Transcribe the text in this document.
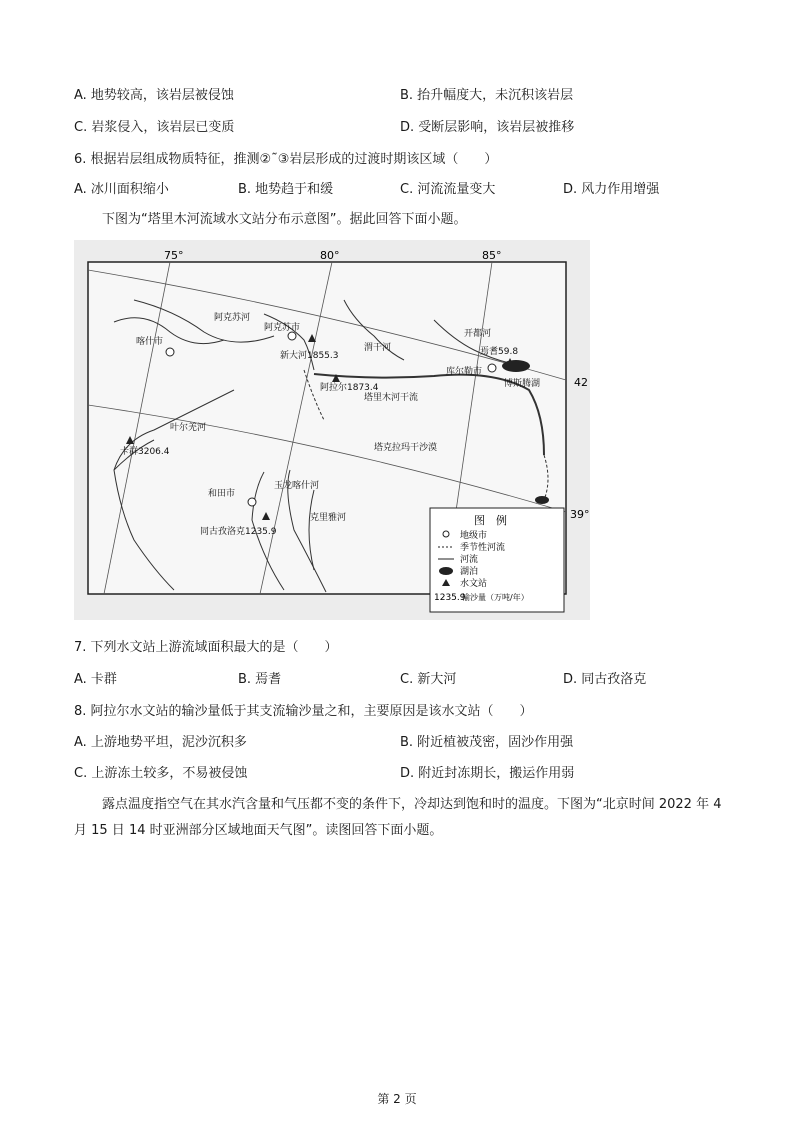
A. 地势较高，该岩层被侵蚀	B. 抬升幅度大，未沉积该岩层
C. 岩浆侵入，该岩层已变质	D. 受断层影响，该岩层被推移
6. 根据岩层组成物质特征，推测②˜③岩层形成的过渡时期该区域（　　）
A. 冰川面积缩小	B. 地势趋于和缓	C. 河流流量变大	D. 风力作用增强
下图为“塔里木河流域水文站分布示意图”。据此回答下面小题。
75°	80°	85°
42
39°
喀什市
阿克苏市
阿克苏河
新大河1855.3
阿拉尔1873.4
渭干河
塔里木河干流
开都河
焉耆59.8
库尔勒市
博斯腾湖
叶尔羌河
卡群3206.4
和田市
玉龙喀什河
克里雅河
同古孜洛克1235.9
塔克拉玛干沙漠
图　例
地级市
季节性河流
河流
湖泊
水文站
1235.9
输沙量（万吨/年）
7. 下列水文站上游流域面积最大的是（　　）
A. 卡群	B. 焉耆	C. 新大河	D. 同古孜洛克
8. 阿拉尔水文站的输沙量低于其支流输沙量之和，主要原因是该水文站（　　）
A. 上游地势平坦，泥沙沉积多	B. 附近植被茂密，固沙作用强
C. 上游冻土较多，不易被侵蚀	D. 附近封冻期长，搬运作用弱
露点温度指空气在其水汽含量和气压都不变的条件下，冷却达到饱和时的温度。下图为“北京时间 2022 年 4 月 15 日 14 时亚洲部分区域地面天气图”。读图回答下面小题。
第 2 页
